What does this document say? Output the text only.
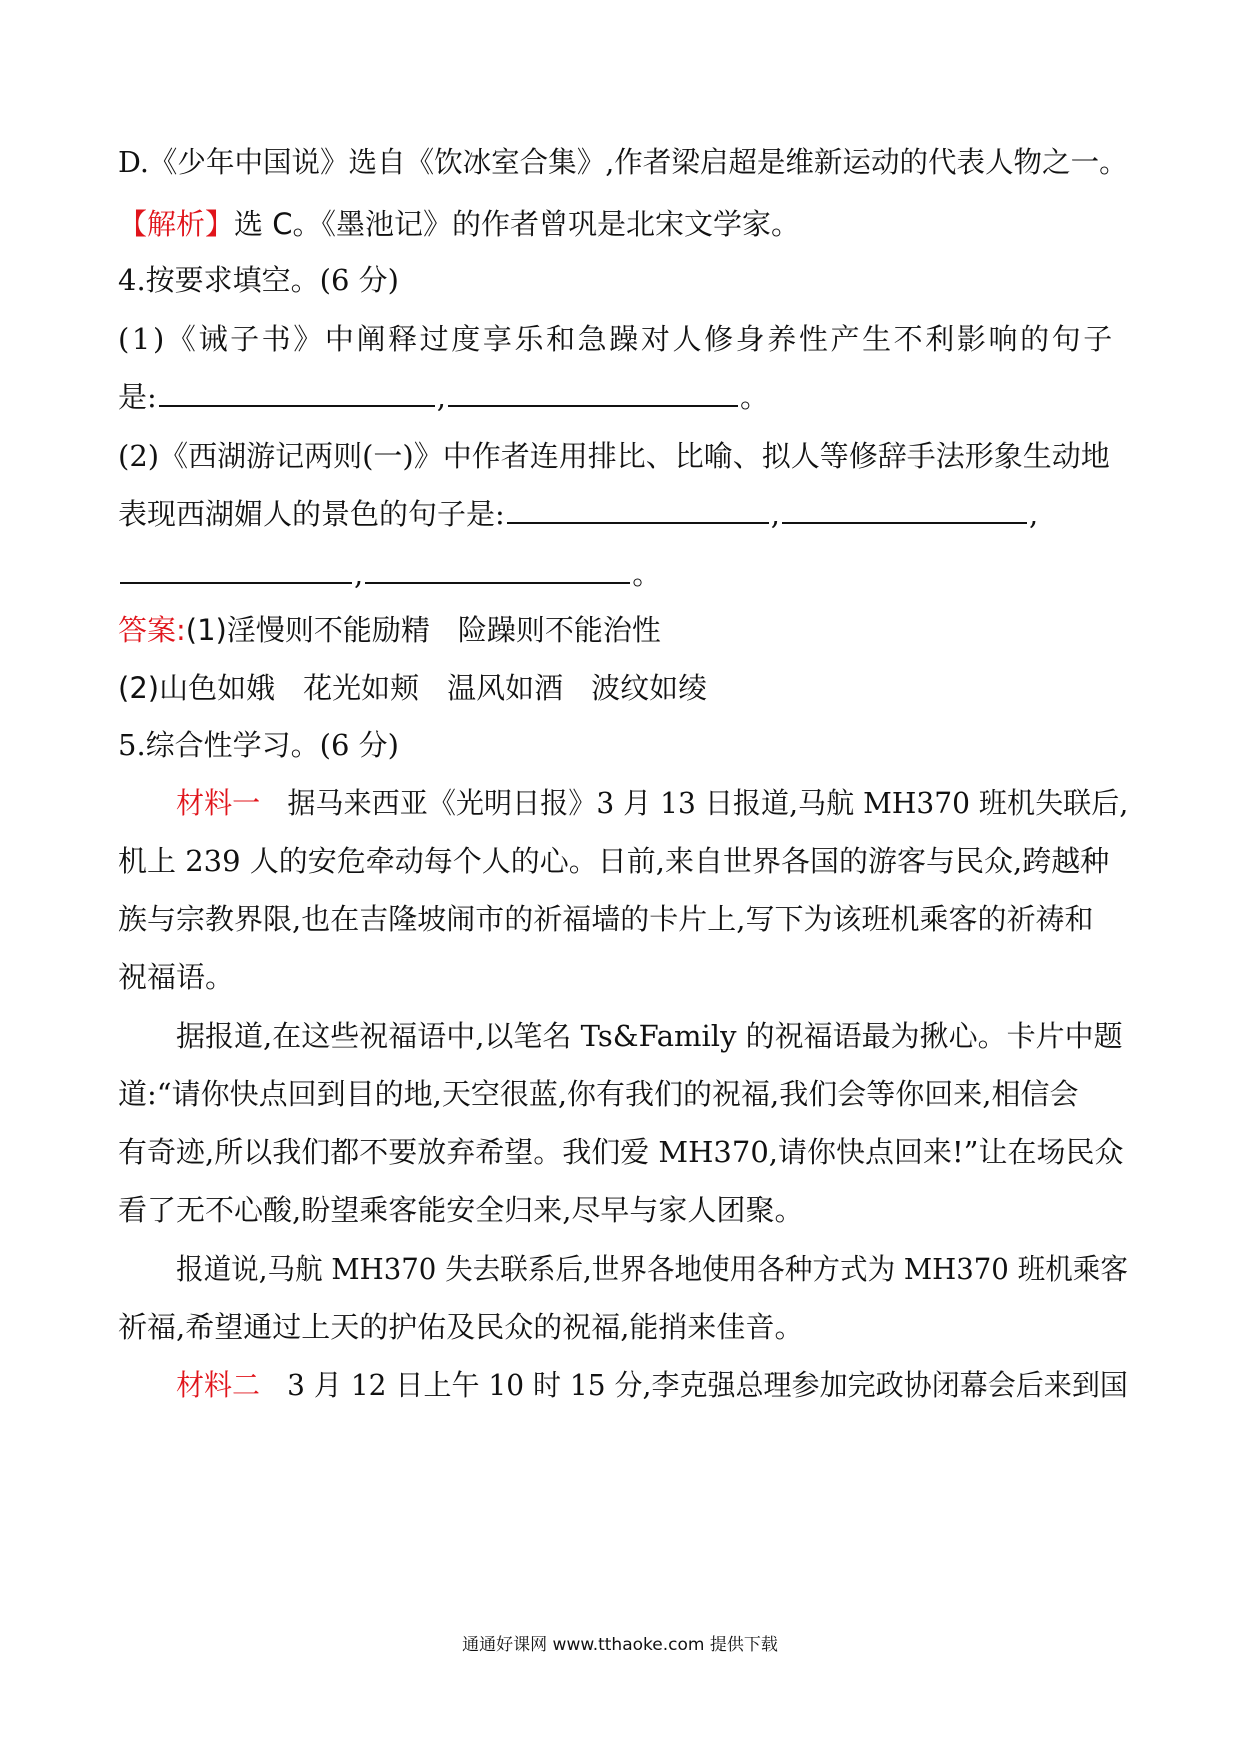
D.《少年中国说》选自《饮冰室合集》,作者梁启超是维新运动的代表人物之一。
【解析】选 C。《墨池记》的作者曾巩是北宋文学家。
4.按要求填空。(6 分)
(1)《诫子书》中阐释过度享乐和急躁对人修身养性产生不利影响的句子
是:	,	。
(2)《西湖游记两则(一)》中作者连用排比、比喻、拟人等修辞手法形象生动地
表现西湖媚人的景色的句子是:	,	,
,	。
答案:(1)淫慢则不能励精 险躁则不能治性
(2)山色如娥 花光如颊 温风如酒 波纹如绫
5.综合性学习。(6 分)
材料一 据马来西亚《光明日报》3 月 13 日报道,马航 MH370 班机失联后,
机上 239 人的安危牵动每个人的心。日前,来自世界各国的游客与民众,跨越种
族与宗教界限,也在吉隆坡闹市的祈福墙的卡片上,写下为该班机乘客的祈祷和
祝福语。
据报道,在这些祝福语中,以笔名 Ts&Family 的祝福语最为揪心。卡片中题
道:“请你快点回到目的地,天空很蓝,你有我们的祝福,我们会等你回来,相信会
有奇迹,所以我们都不要放弃希望。我们爱 MH370,请你快点回来!”让在场民众
看了无不心酸,盼望乘客能安全归来,尽早与家人团聚。
报道说,马航 MH370 失去联系后,世界各地使用各种方式为 MH370 班机乘客
祈福,希望通过上天的护佑及民众的祝福,能捎来佳音。
材料二 3 月 12 日上午 10 时 15 分,李克强总理参加完政协闭幕会后来到国
通通好课网 www.tthaoke.com 提供下载
